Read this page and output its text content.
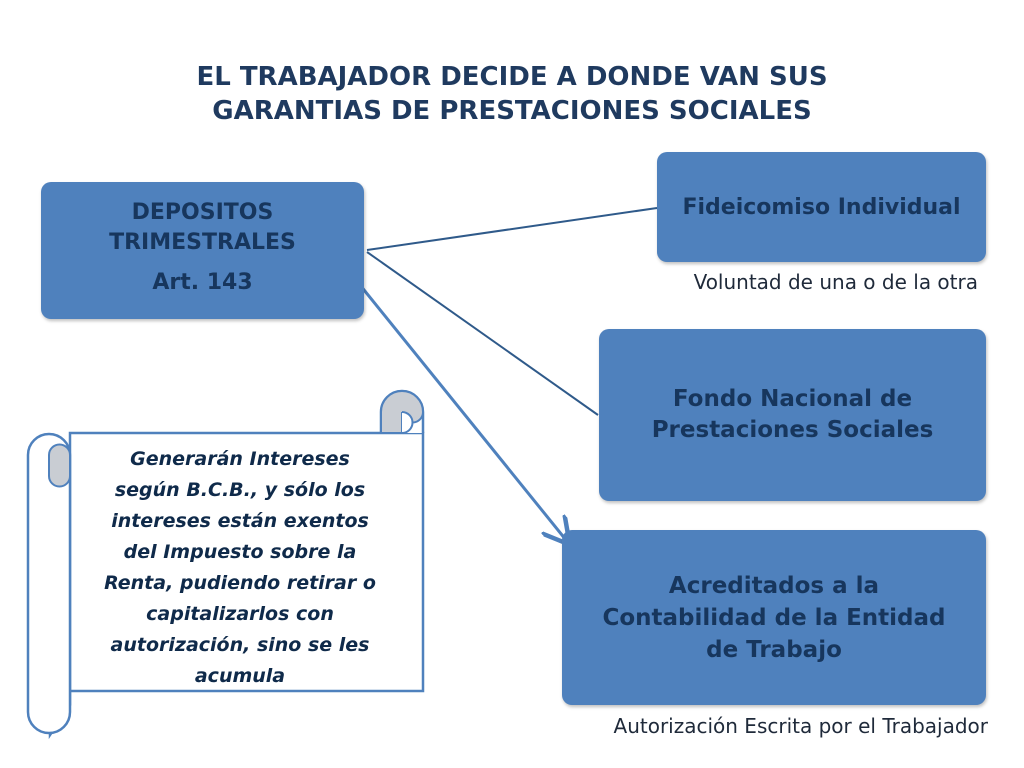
EL TRABAJADOR DECIDE A DONDE VAN SUS
GARANTIAS DE PRESTACIONES SOCIALES
DEPOSITOS
TRIMESTRALES
Art. 143
Fideicomiso Individual
Fondo Nacional de
Prestaciones Sociales
Acreditados a la
Contabilidad de la Entidad
de Trabajo
Voluntad de una o de la otra
Autorización Escrita por el Trabajador
Generarán Intereses
según B.C.B., y sólo los
intereses están exentos
del Impuesto sobre la
Renta, pudiendo retirar o
capitalizarlos con
autorización, sino se les
acumula
